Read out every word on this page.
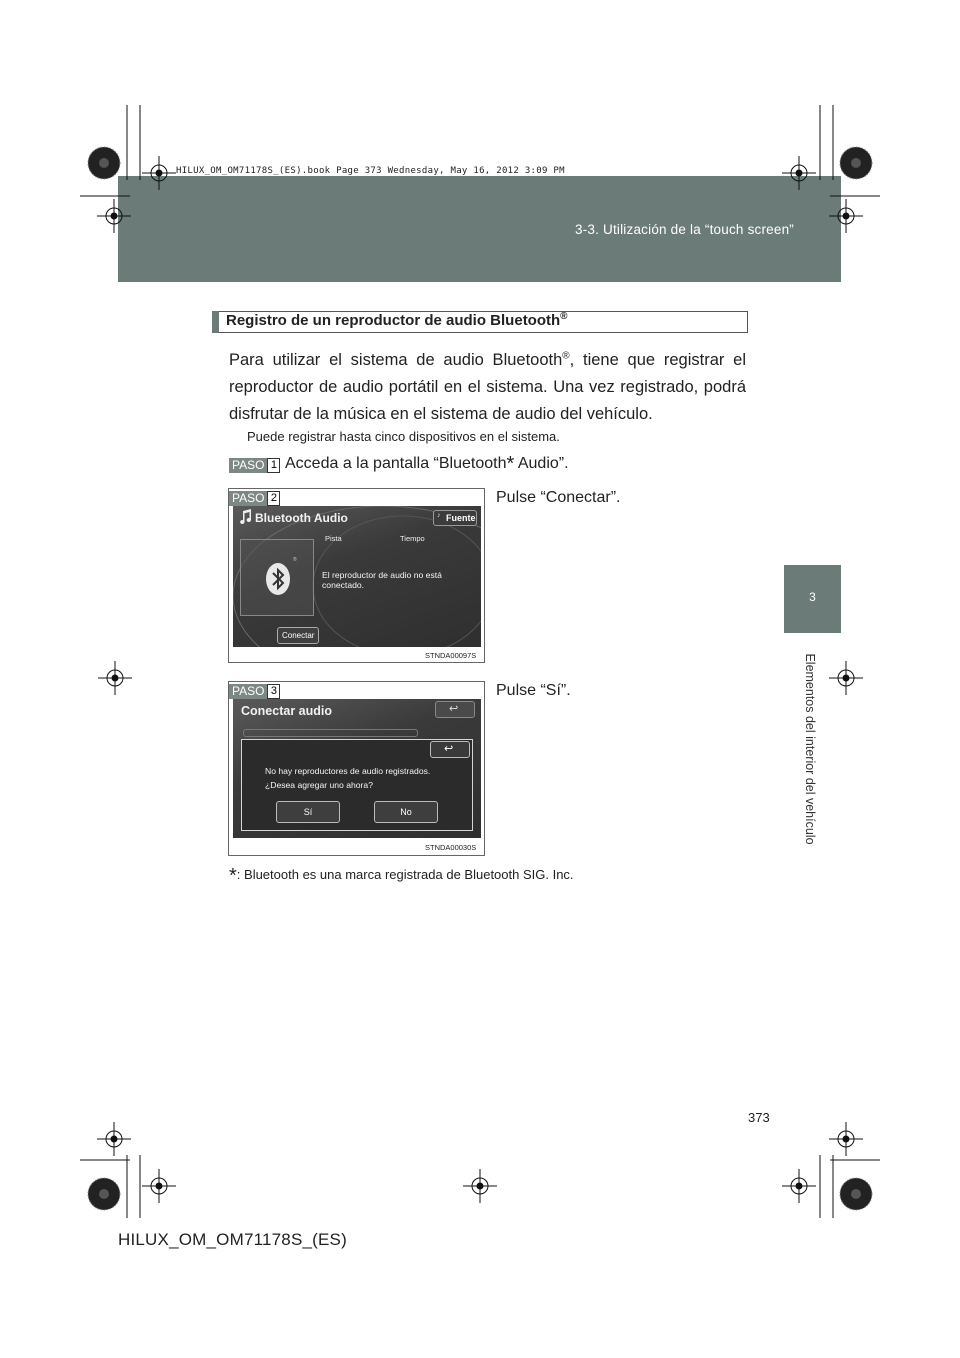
3-3. Utilización de la “touch screen”
HILUX_OM_OM71178S_(ES).book Page 373 Wednesday, May 16, 2012 3:09 PM
3
Elementos del interior del vehículo
Registro de un reproductor de audio Bluetooth®
Para utilizar el sistema de audio Bluetooth®, tiene que registrar el reproductor de audio portátil en el sistema. Una vez registrado, podrá disfrutar de la música en el sistema de audio del vehículo.
Puede registrar hasta cinco dispositivos en el sistema.
PASO 1 Acceda a la pantalla “Bluetooth* Audio”.
PASO 2
Bluetooth Audio	♪ Fuente
Pista	Tiempo
®
El reproductor de audio no está conectado.
Conectar
STNDA00097S
Pulse “Conectar”.
PASO 3
Conectar audio	↩
↩
No hay reproductores de audio registrados.
¿Desea agregar uno ahora?
Sí	No
STNDA00030S
Pulse “Sí”.
*: Bluetooth es una marca registrada de Bluetooth SIG. Inc.
373
HILUX_OM_OM71178S_(ES)
